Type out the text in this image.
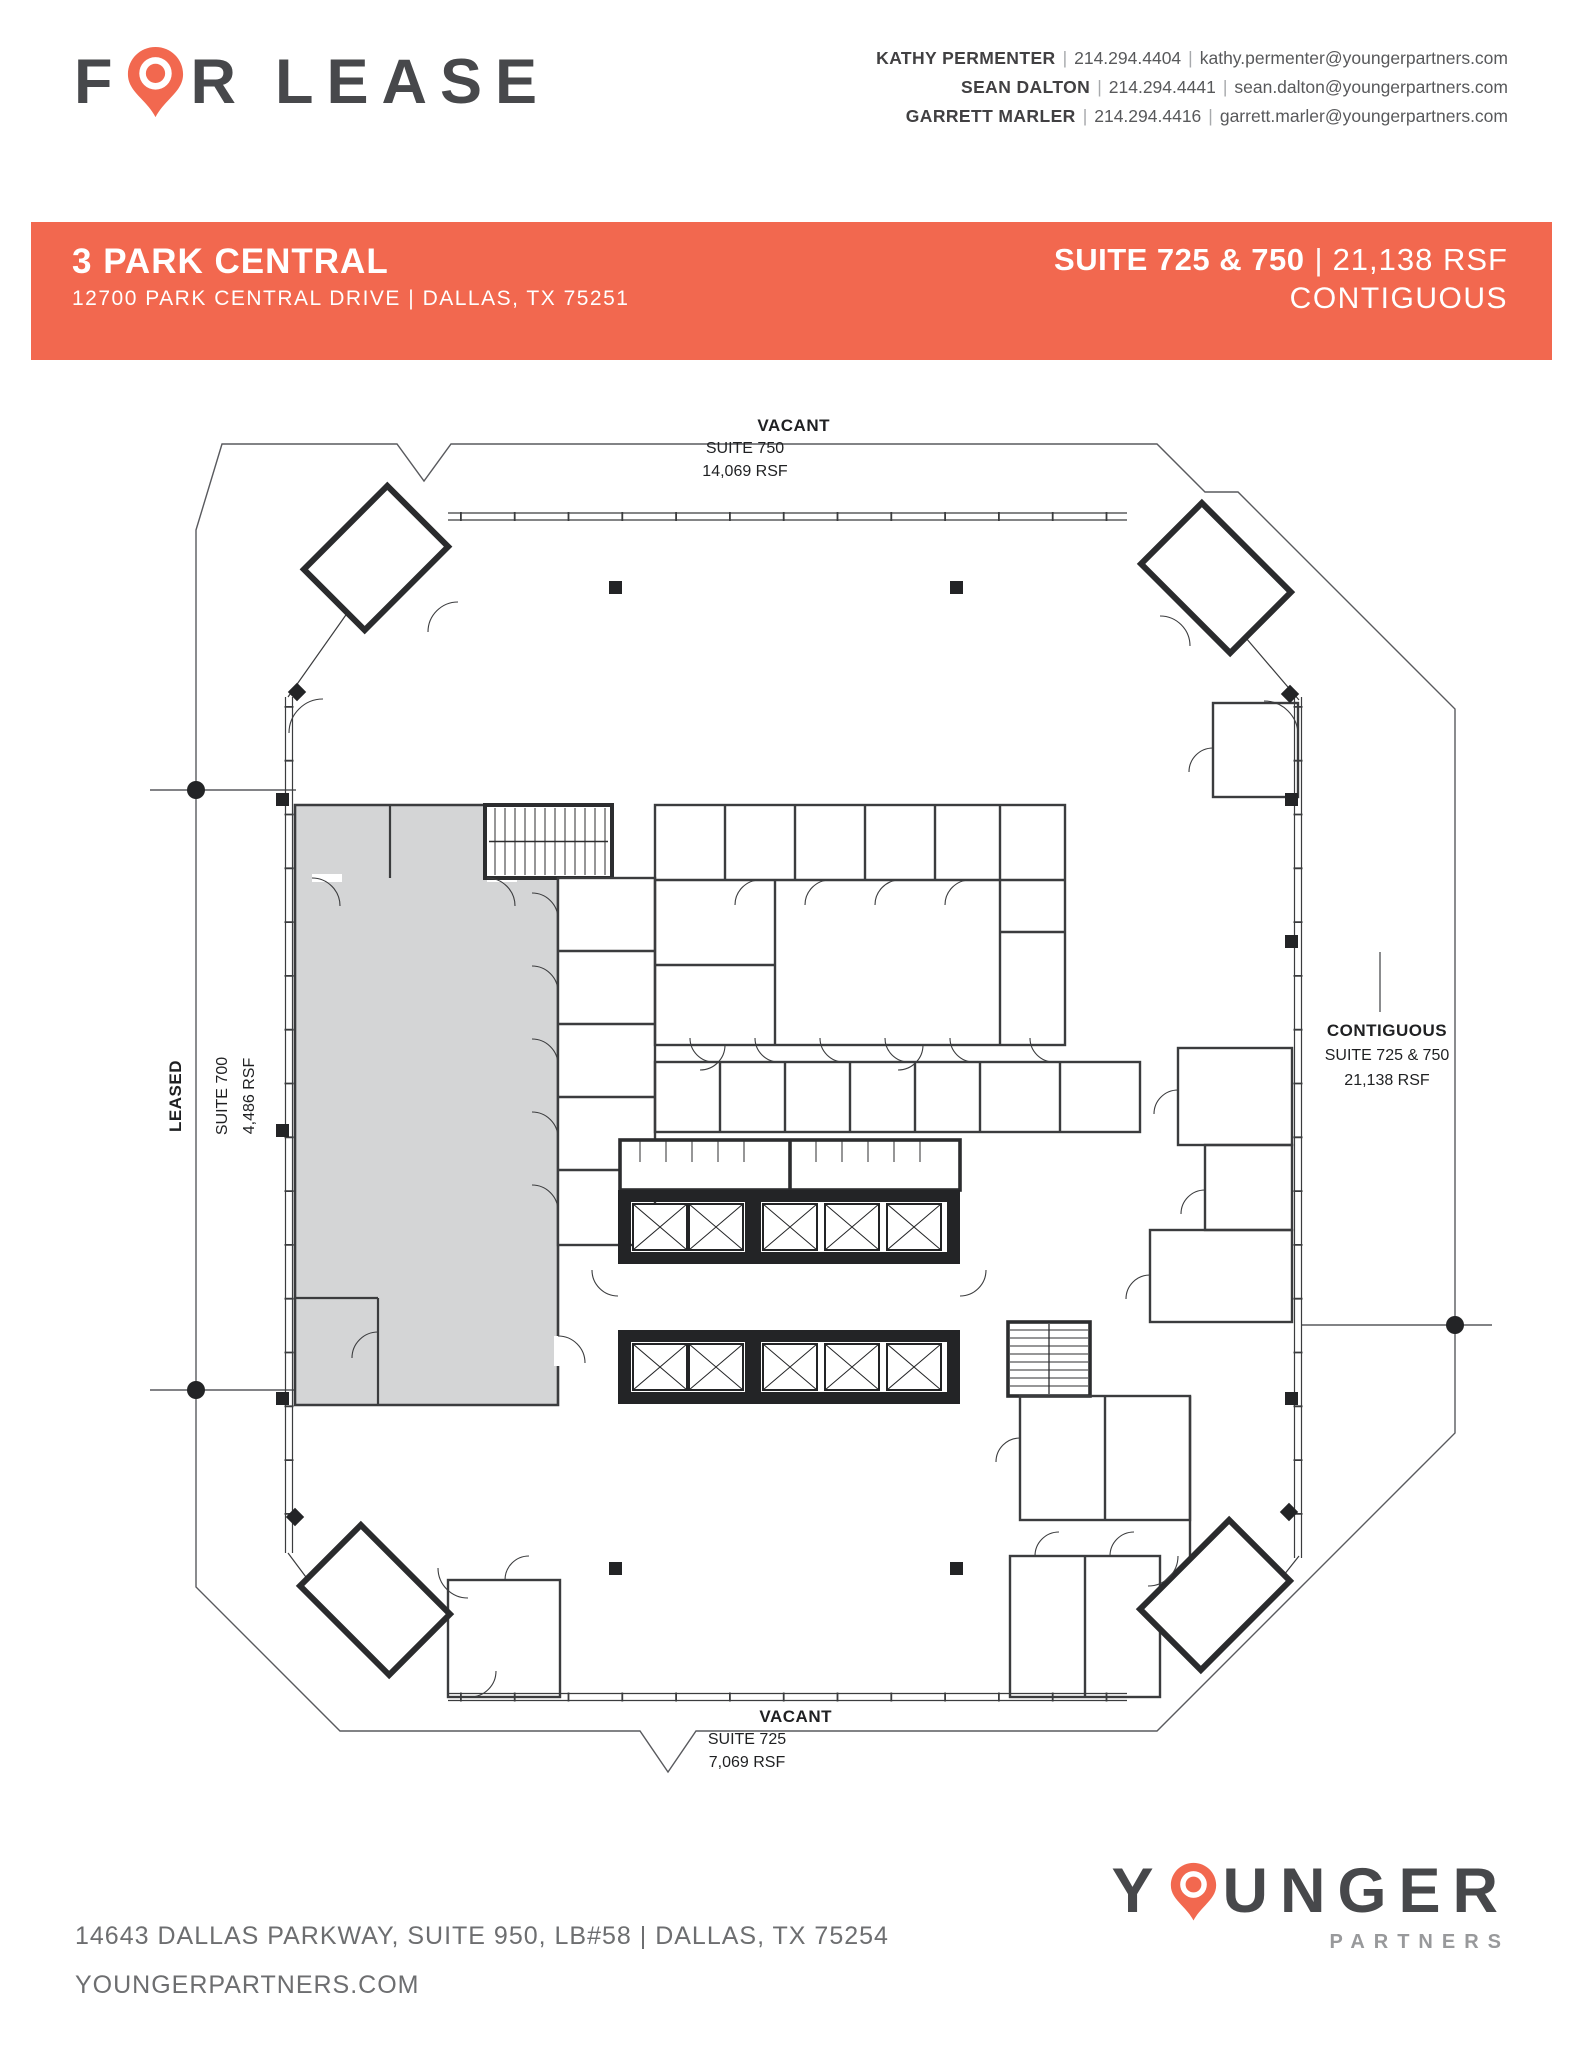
F R LEASE	KATHY PERMENTER | 214.294.4404 | kathy.permenter@youngerpartners.com
SEAN DALTON | 214.294.4441 | sean.dalton@youngerpartners.com
GARRETT MARLER | 214.294.4416 | garrett.marler@youngerpartners.com
3 PARK CENTRAL
12700 PARK CENTRAL DRIVE | DALLAS, TX 75251
SUITE 725 & 750 | 21,138 RSF
CONTIGUOUS
VACANT
SUITE 750
14,069 RSF
VACANT
SUITE 725
7,069 RSF
LEASED SUITE 700 4,486 RSF
CONTIGUOUS
SUITE 725 & 750
21,138 RSF
14643 DALLAS PARKWAY, SUITE 950, LB#58 | DALLAS, TX 75254
YOUNGERPARTNERS.COM
Y UNGER
PARTNERS
